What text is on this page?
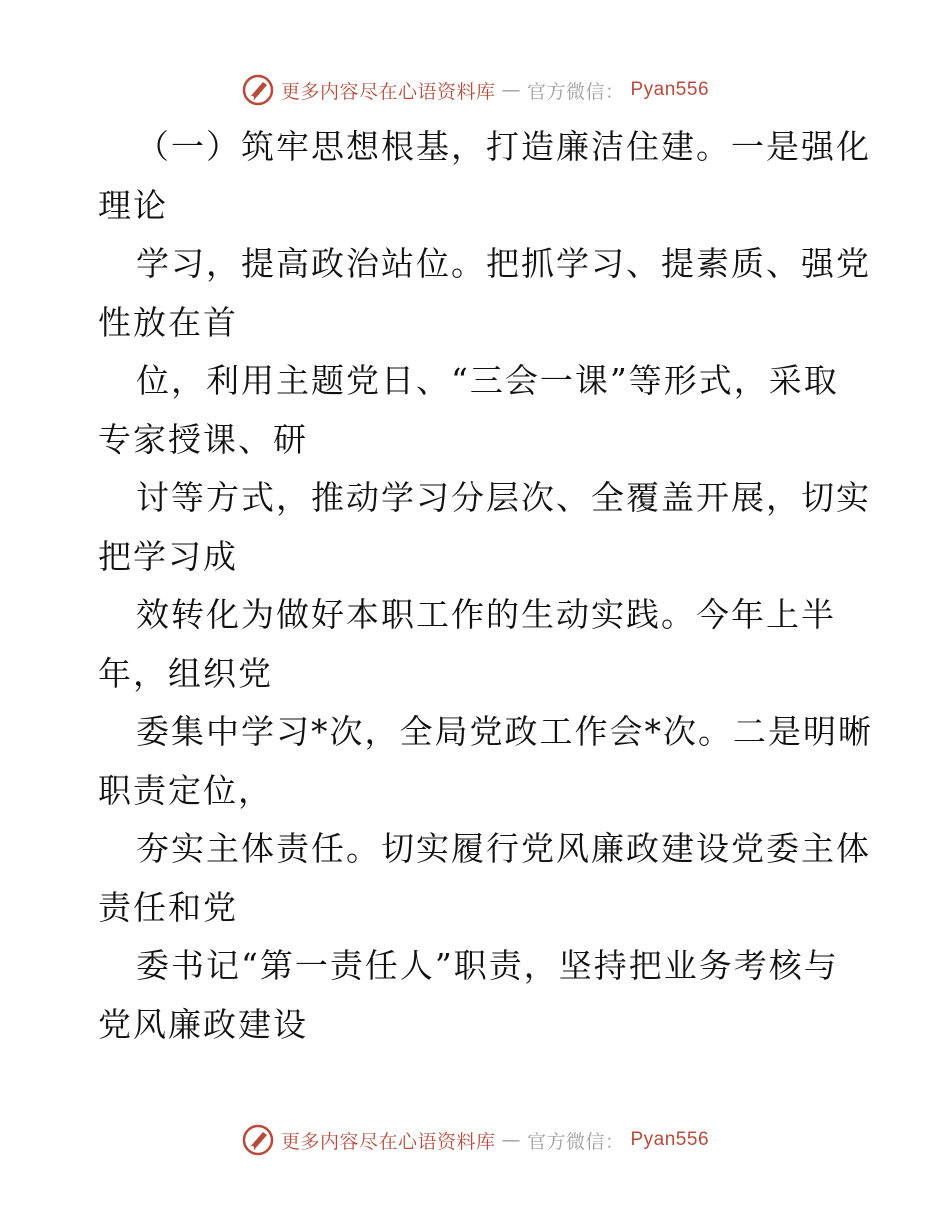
更多内容尽在心语资料库 — 官方微信： Pyan556
（一）筑牢思想根基，打造廉洁住建。一是强化
理论
学习，提高政治站位。把抓学习、提素质、强党
性放在首
位，利用主题党日、“三会一课”等形式，采取
专家授课、研
讨等方式，推动学习分层次、全覆盖开展，切实
把学习成
效转化为做好本职工作的生动实践。今年上半
年，组织党
委集中学习*次，全局党政工作会*次。二是明晰
职责定位，
夯实主体责任。切实履行党风廉政建设党委主体
责任和党
委书记“第一责任人”职责，坚持把业务考核与
党风廉政建设
更多内容尽在心语资料库 — 官方微信： Pyan556
